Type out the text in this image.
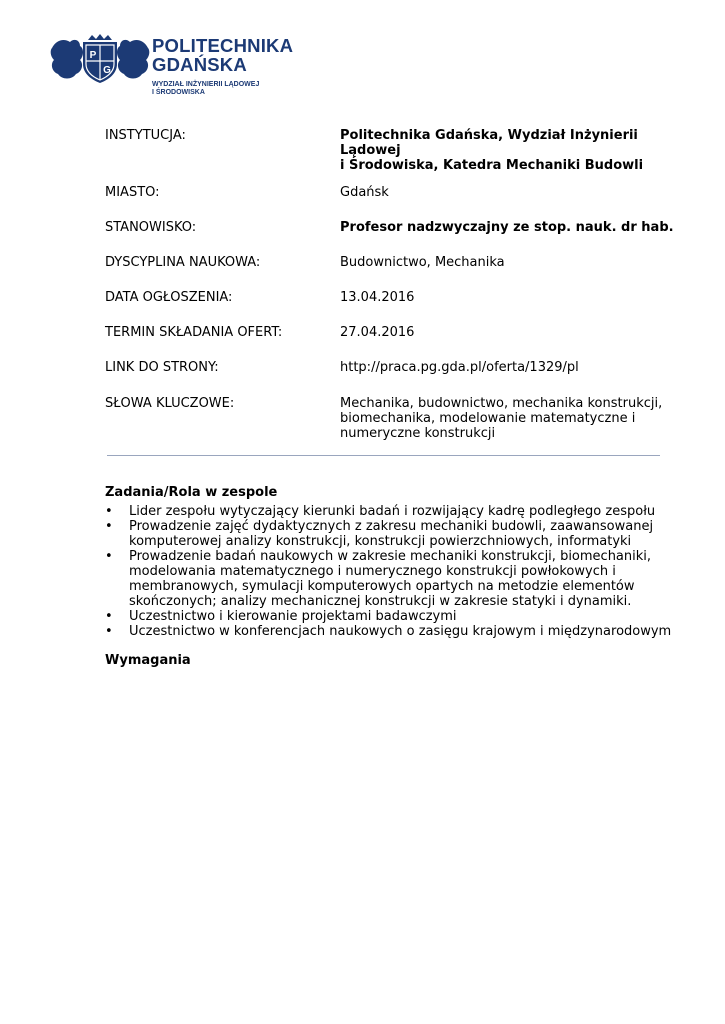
P
G
POLITECHNIKA
GDAŃSKA
WYDZIAŁ INŻYNIERII LĄDOWEJ
I ŚRODOWISKA
INSTYTUCJA:	Politechnika Gdańska, Wydział Inżynierii Lądowej
i Środowiska, Katedra Mechaniki Budowli
MIASTO:	Gdańsk
STANOWISKO:	Profesor nadzwyczajny ze stop. nauk. dr hab.
DYSCYPLINA NAUKOWA:	Budownictwo, Mechanika
DATA OGŁOSZENIA:	13.04.2016
TERMIN SKŁADANIA OFERT:	27.04.2016
LINK DO STRONY:	http://praca.pg.gda.pl/oferta/1329/pl
SŁOWA KLUCZOWE:	Mechanika, budownictwo, mechanika konstrukcji,
biomechanika, modelowanie matematyczne i
numeryczne konstrukcji
Zadania/Rola w zespole
• Lider zespołu wytyczający kierunki badań i rozwijający kadrę podległego zespołu
• Prowadzenie zajęć dydaktycznych z zakresu mechaniki budowli, zaawansowanej
komputerowej analizy konstrukcji, konstrukcji powierzchniowych, informatyki
• Prowadzenie badań naukowych w zakresie mechaniki konstrukcji, biomechaniki,
modelowania matematycznego i numerycznego konstrukcji powłokowych i
membranowych, symulacji komputerowych opartych na metodzie elementów
skończonych; analizy mechanicznej konstrukcji w zakresie statyki i dynamiki.
• Uczestnictwo i kierowanie projektami badawczymi
• Uczestnictwo w konferencjach naukowych o zasięgu krajowym i międzynarodowym
Wymagania
